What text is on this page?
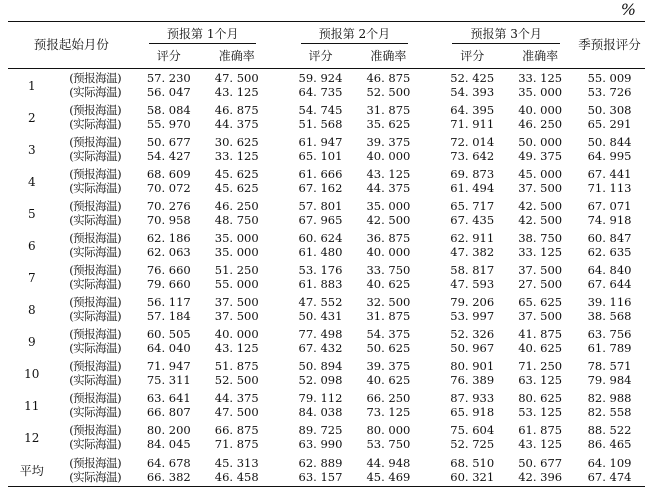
%
预报起始月份		预报第 1个月			预报第 2个月			预报第 3个月		季预报评分
		评分	准确率		评分	准确率		评分	准确率	
1	(预报海温)	57. 230	47. 500		59. 924	46. 875		52. 425	33. 125	55. 009
	(实际海温)	56. 047	43. 125		64. 735	52. 500		54. 393	35. 000	53. 726
2	(预报海温)	58. 084	46. 875		54. 745	31. 875		64. 395	40. 000	50. 308
	(实际海温)	55. 970	44. 375		51. 568	35. 625		71. 911	46. 250	65. 291
3	(预报海温)	50. 677	30. 625		61. 947	39. 375		72. 014	50. 000	50. 844
	(实际海温)	54. 427	33. 125		65. 101	40. 000		73. 642	49. 375	64. 995
4	(预报海温)	68. 609	45. 625		61. 666	43. 125		69. 873	45. 000	67. 441
	(实际海温)	70. 072	45. 625		67. 162	44. 375		61. 494	37. 500	71. 113
5	(预报海温)	70. 276	46. 250		57. 801	35. 000		65. 717	42. 500	67. 071
	(实际海温)	70. 958	48. 750		67. 965	42. 500		67. 435	42. 500	74. 918
6	(预报海温)	62. 186	35. 000		60. 624	36. 875		62. 911	38. 750	60. 847
	(实际海温)	62. 063	35. 000		61. 480	40. 000		47. 382	33. 125	62. 635
7	(预报海温)	76. 660	51. 250		53. 176	33. 750		58. 817	37. 500	64. 840
	(实际海温)	79. 660	55. 000		61. 883	40. 625		47. 593	27. 500	67. 644
8	(预报海温)	56. 117	37. 500		47. 552	32. 500		79. 206	65. 625	39. 116
	(实际海温)	57. 184	37. 500		50. 431	31. 875		53. 997	37. 500	38. 568
9	(预报海温)	60. 505	40. 000		77. 498	54. 375		52. 326	41. 875	63. 756
	(实际海温)	64. 040	43. 125		67. 432	50. 625		50. 967	40. 625	61. 789
10	(预报海温)	71. 947	51. 875		50. 894	39. 375		80. 901	71. 250	78. 571
	(实际海温)	75. 311	52. 500		52. 098	40. 625		76. 389	63. 125	79. 984
11	(预报海温)	63. 641	44. 375		79. 112	66. 250		87. 933	80. 625	82. 988
	(实际海温)	66. 807	47. 500		84. 038	73. 125		65. 918	53. 125	82. 558
12	(预报海温)	80. 200	66. 875		89. 725	80. 000		75. 604	61. 875	88. 522
	(实际海温)	84. 045	71. 875		63. 990	53. 750		52. 725	43. 125	86. 465
平均	(预报海温)	64. 678	45. 313		62. 889	44. 948		68. 510	50. 677	64. 109
	(实际海温)	66. 382	46. 458		63. 157	45. 469		60. 321	42. 396	67. 474
